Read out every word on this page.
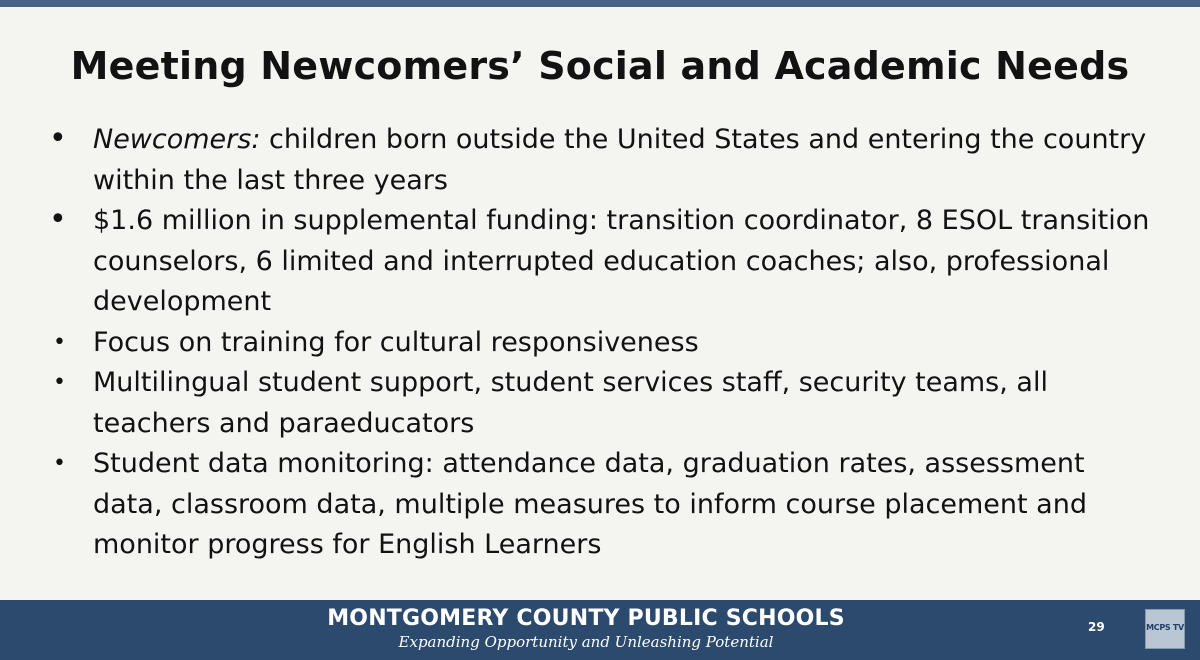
Meeting Newcomers’ Social and Academic Needs
• Newcomers: children born outside the United States and entering the country within the last three years
• $1.6 million in supplemental funding: transition coordinator, 8 ESOL transition counselors, 6 limited and interrupted education coaches; also, professional development
• Focus on training for cultural responsiveness
• Multilingual student support, student services staff, security teams, all teachers and paraeducators
• Student data monitoring: attendance data, graduation rates, assessment data, classroom data, multiple measures to inform course placement and monitor progress for English Learners
MONTGOMERY COUNTY PUBLIC SCHOOLS
Expanding Opportunity and Unleashing Potential
29	MCPS TV
